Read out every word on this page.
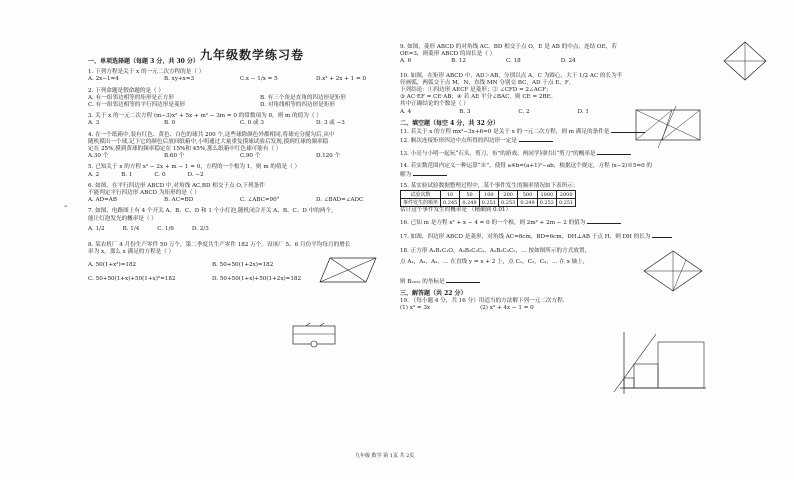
九年级数学练习卷
“
一、单项选择题（每题 3 分，共 30 分）
1. 下列方程是关于 x 的一元二次方程的是（ ）
A. 2x−1=4	B. xy+x=3	C.x − 1/x = 5	D.x² + 2x + 1 = 0
2. 下列命题是假命题的是（ ）
A. 有一组邻边相等的矩形是正方形	B. 有三个角是直角的四边形是矩形
C. 有一组邻边相等的平行四边形是菱形	D. 对角线相等的四边形是矩形
3. 关于 x 的一元二次方程 (m−3)x² + 5x + m² − 3m = 0 的常数项为 0，则 m 的值为（ ）
A. 3	B. 0	C. 0 或 3	D. 3 或 −3
4. 在一个纸箱中,装有红色、黄色、白色的球共 200 个,这些球除颜色外都相同,将球充分搅匀后,从中
随机摸出一个球,记下它的颜色后放回纸箱中,小明通过大量重复摸球试验后发现,摸到红球的频率稳
定在 25%,摸到黄球的频率稳定在 15%和 45%,那么纸箱中红色球可能有（ ）
A.30 个	B.60 个	C.90 个	D.120 个
5. 已知关于 x 的方程 x² − 2x + m − 1 = 0，方程的一个根为 1，则 m 的值是（ ）
A. 2	B. 1	C. 0	D. −2
6. 如图，在平行四边形 ABCD 中,对角线 AC,BD 相交于点 O,下列条件
不能判定平行四边形 ABCD 为矩形的是（ ）
A. AD=AB	B. AC=BD	C. ∠ABC=90°	D. ∠BAD=∠ADC
7. 如图，电路图上有 4 个开关 A、B、C、D 和 1 个小灯泡,随机闭合开关 A、B、C、D 中的两个，
能让灯泡发光的概率是（ ）
A. 1/2	B. 1/4	C. 1/6	D. 2/3
8. 某农机厂 4 月份生产零件 50 万个，第二季度共生产零件 182 万个。设该厂 5、6 月份平均每月的增长
率为 x，那么 x 满足的方程是（ ）
A. 50(1+x²)=182	B. 50+50(1+2x)=182
C. 50+50(1+x)+50(1+x)²=182	D. 50+50(1+x)+50(1+2x)=182
9. 如图，菱形 ABCD 的对角线 AC、BD 相交于点 O，E 是 AB 的中点，连结 OE，若
OE=3，则菱形 ABCD 的周长是（ ）
A. 6	B. 12	C. 18	D. 24
10. 如图，在矩形 ABCD 中，AD＞AB，分别以点 A，C 为圆心，大于 1/2 AC 的长为半
径画弧，两弧交于点 M，N，直线 MN 分别交 BC，AD 于点 E，F。
下列结论：①四边形 AECF 是菱形；② ∠CFD = 2∠ACF；
③ AC·EF = CE·AB；④ 若 AE 平分∠BAC，则 CE = 2BE。
其中正确结论的个数是（ ）
A. 4	B. 3	C. 2	D. 1
二、填空题（每空 4 分，共 32 分）
11. 若关于 x 的方程 mx²−3x+6=0 是关于 x 的一元二次方程，则 m 满足的条件是
12. 顺次连接矩形四边中点所得的四边形一定是
13. 小亮与小明一起玩“石头、剪刀、布”的游戏，两同学同时出“剪刀”的概率是
14. 若实数范围内定义一种运算“※”，使得 a※b=(a+1)²−ab，根据这个规定，方程 (x−2)※5=0 的
解为
15. 某实验试验数据整理过程中，某个事件发生的频率情况如下表所示：
试验次数	10	50	100	200	500	1000	2000
事件发生的频率	0.245	0.248	0.251	0.253	0.249	0.252	0.251
估计这个事件发生的概率是 （精确到 0.01）
16. 已知 m 是方程 x² + x − 4 = 0 的一个根，则 2m² + 2m − 2 的值为
17. 如图，四边形 ABCD 是菱形，对角线 AC=8cm，BD=6cm，DH⊥AB 于点 H，则 DH 的长为
18. 正方形 A₁B₁C₁O，A₂B₂C₂C₁，A₃B₃C₃C₂，… 按如图所示的方式放置，
点 A₁，A₂，A₃，… 在直线 y = x + 2 上，点 C₁，C₂，C₃，… 在 x 轴上，
则 B₂₀₂₃ 的坐标是
三、解答题（共 22 分）
19. （每小题 4 分，共 16 分）用适当的方法解下列一元二次方程.
(1) x² = 3x	(2) x² + 4x − 1 = 0
九年级 数学 第 1页 共 2页
